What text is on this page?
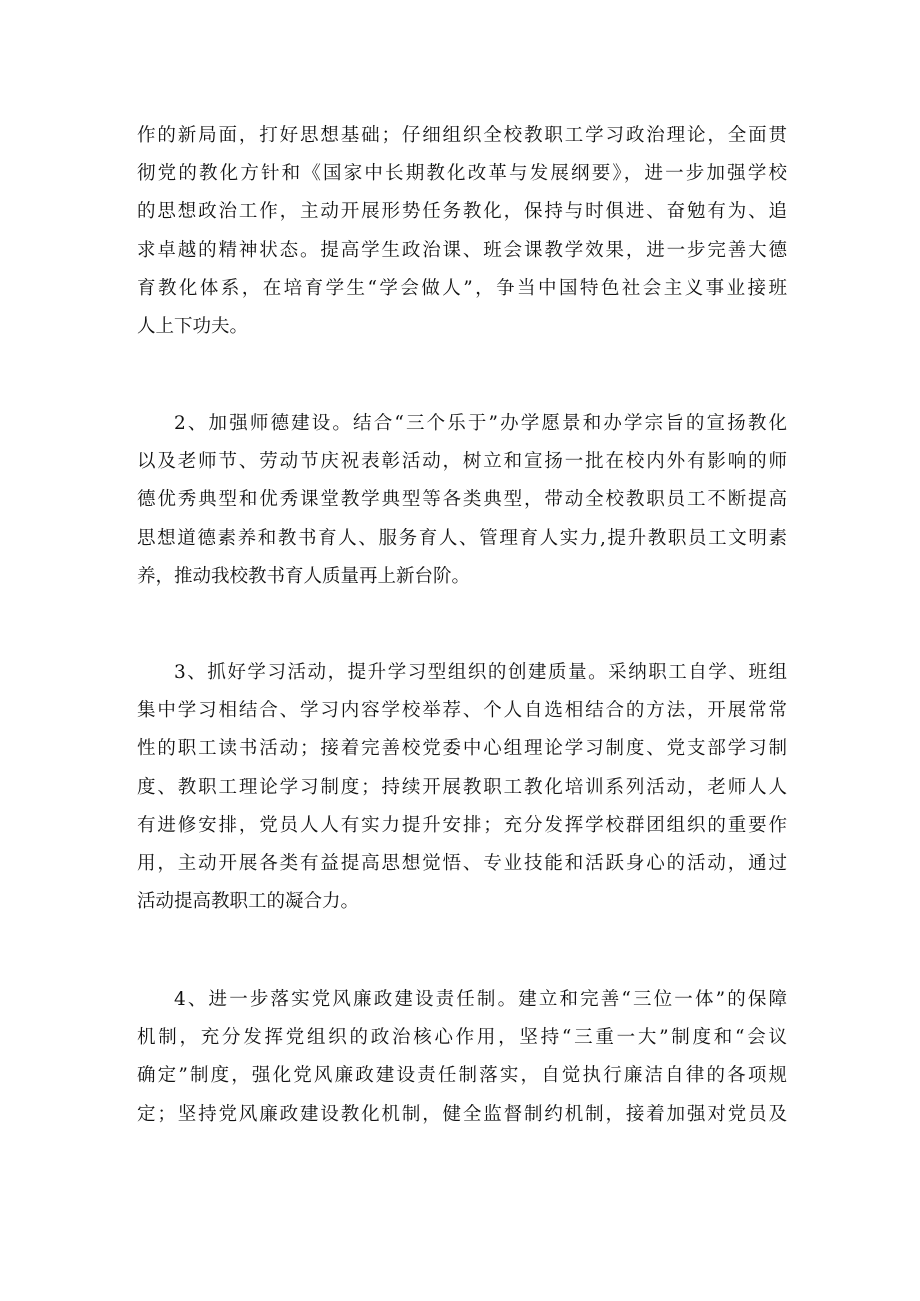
作的新局面，打好思想基础；仔细组织全校教职工学习政治理论，全面贯
彻党的教化方针和《国家中长期教化改革与发展纲要》，进一步加强学校
的思想政治工作，主动开展形势任务教化，保持与时俱进、奋勉有为、追
求卓越的精神状态。提高学生政治课、班会课教学效果，进一步完善大德
育教化体系，在培育学生“学会做人”，争当中国特色社会主义事业接班
人上下功夫。
2、加强师德建设。结合“三个乐于”办学愿景和办学宗旨的宣扬教化
以及老师节、劳动节庆祝表彰活动，树立和宣扬一批在校内外有影响的师
德优秀典型和优秀课堂教学典型等各类典型，带动全校教职员工不断提高
思想道德素养和教书育人、服务育人、管理育人实力,提升教职员工文明素
养，推动我校教书育人质量再上新台阶。
3、抓好学习活动，提升学习型组织的创建质量。采纳职工自学、班组
集中学习相结合、学习内容学校举荐、个人自选相结合的方法，开展常常
性的职工读书活动；接着完善校党委中心组理论学习制度、党支部学习制
度、教职工理论学习制度；持续开展教职工教化培训系列活动，老师人人
有进修安排，党员人人有实力提升安排；充分发挥学校群团组织的重要作
用，主动开展各类有益提高思想觉悟、专业技能和活跃身心的活动，通过
活动提高教职工的凝合力。
4、进一步落实党风廉政建设责任制。建立和完善“三位一体”的保障
机制，充分发挥党组织的政治核心作用，坚持“三重一大”制度和“会议
确定”制度，强化党风廉政建设责任制落实，自觉执行廉洁自律的各项规
定；坚持党风廉政建设教化机制，健全监督制约机制，接着加强对党员及
